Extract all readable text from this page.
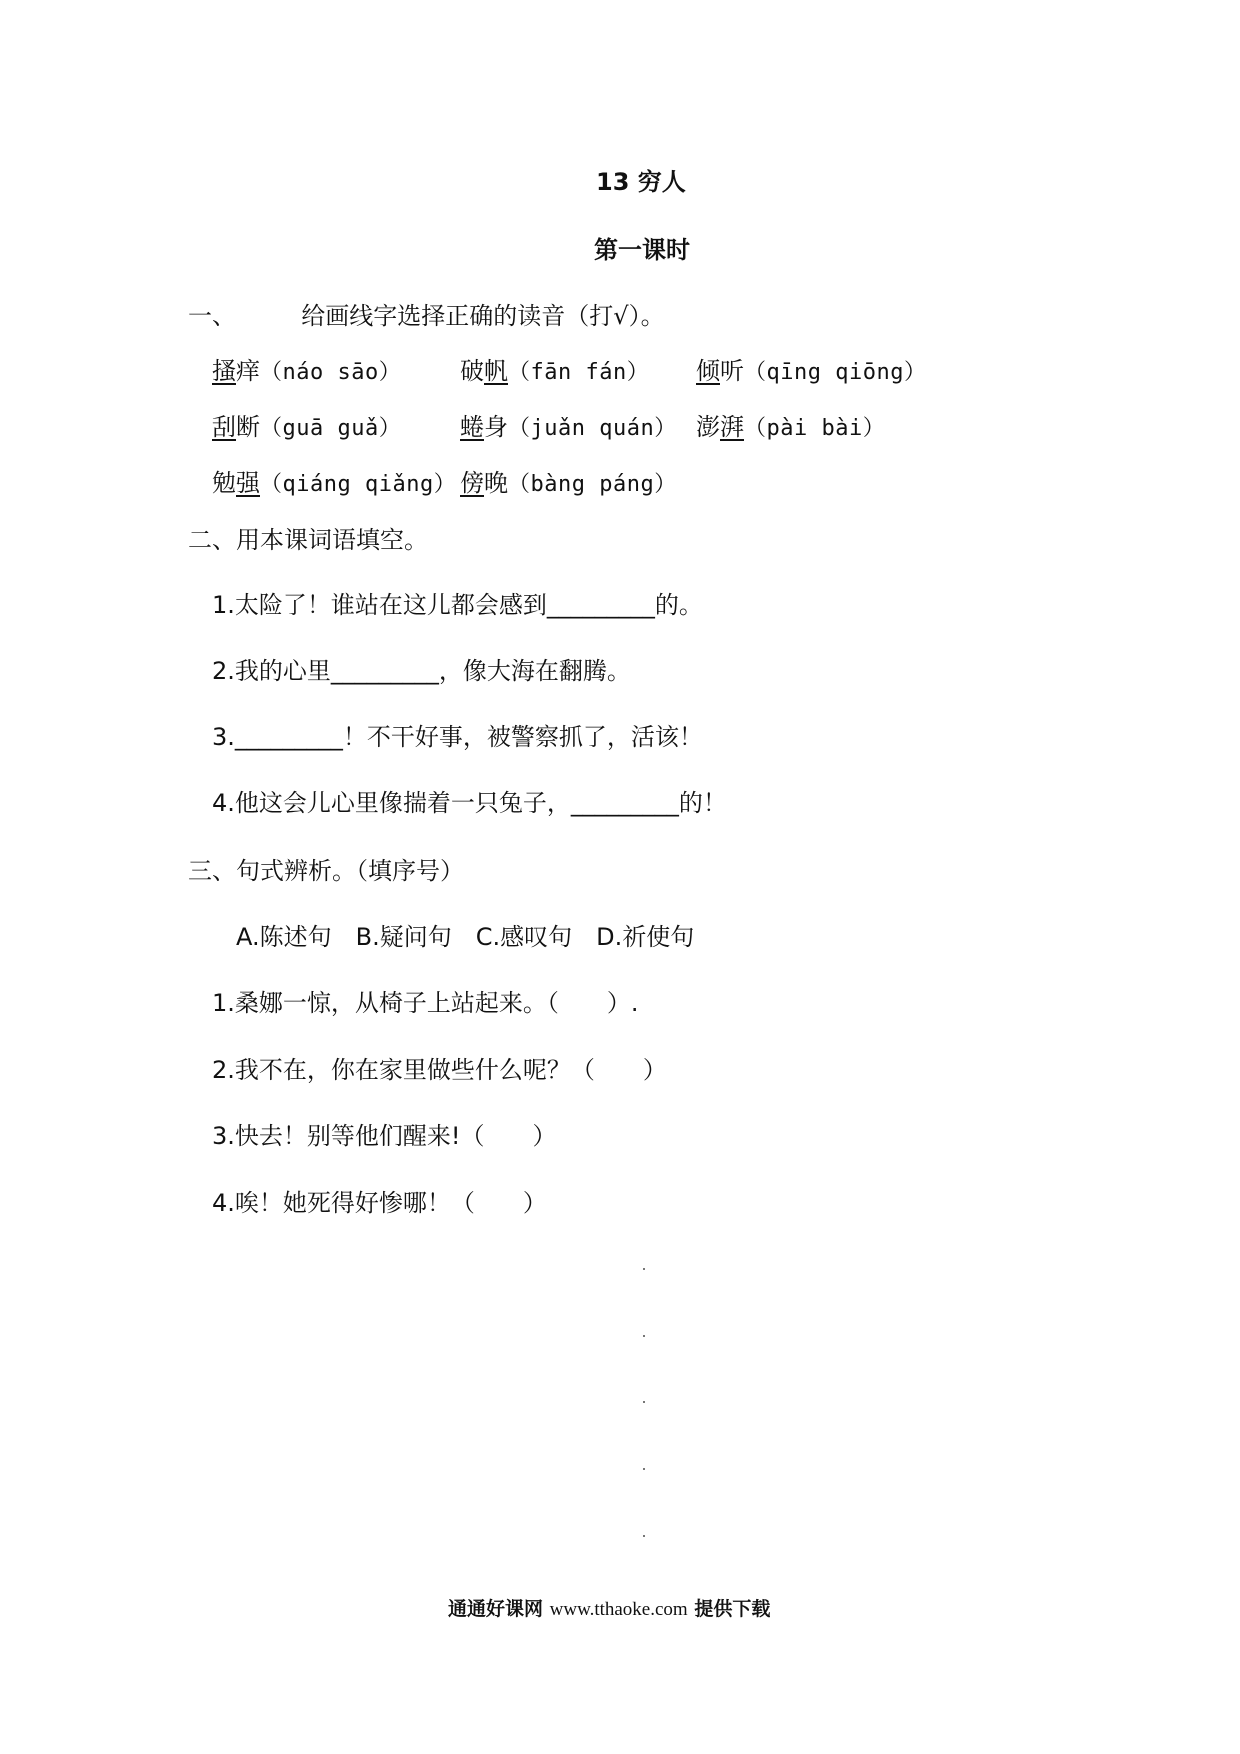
13 穷人
第一课时
一、	给画线字选择正确的读音（打√）。
搔痒（náo sāo） 破帆（fān fán） 倾听（qīng qiōng）
刮断（guā guǎ） 蜷身（juǎn quán） 澎湃（pài bài）
勉强（qiáng qiǎng） 傍晚（bàng páng）
二、用本课词语填空。
1.太险了！谁站在这儿都会感到_________的。
2.我的心里_________，像大海在翻腾。
3._________！不干好事，被警察抓了，活该！
4.他这会儿心里像揣着一只兔子，_________的！
三、句式辨析。（填序号）
A.陈述句　B.疑问句　C.感叹句　D.祈使句
1.桑娜一惊，从椅子上站起来。（　　）.
2.我不在，你在家里做些什么呢？（　　）
3.快去！别等他们醒来!（　　）
4.唉！她死得好惨哪！（　　）
通通好课网 www.tthaoke.com 提供下载
